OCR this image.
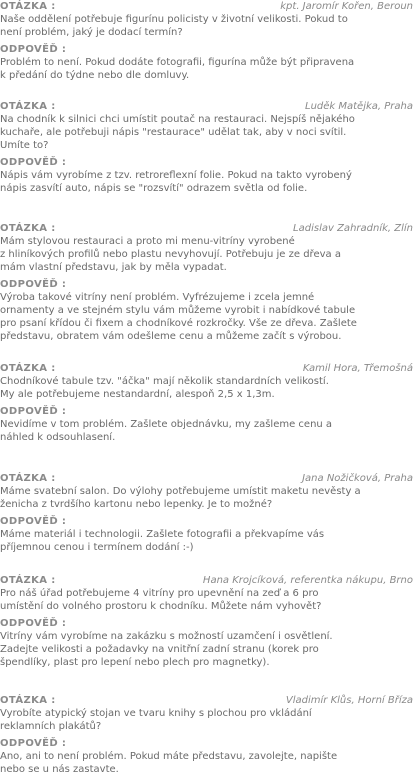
OTÁZKA :	kpt. Jaromír Kořen, Beroun

Naše oddělení potřebuje figurínu policisty v životní velikosti. Pokud to
není problém, jaký je dodací termín?

ODPOVĚĎ :

Problém to není. Pokud dodáte fotografii, figurína může být připravena
k předání do týdne nebo dle domluvy.

OTÁZKA :	Luděk Matějka, Praha

Na chodník k silnici chci umístit poutač na restauraci. Nejspíš nějakého
kuchaře, ale potřebuji nápis "restaurace" udělat tak, aby v noci svítil.
Umíte to?

ODPOVĚĎ :

Nápis vám vyrobíme z tzv. retroreflexní folie. Pokud na takto vyrobený
nápis zasvítí auto, nápis se "rozsvítí" odrazem světla od folie.

OTÁZKA :	Ladislav Zahradník, Zlín

Mám stylovou restauraci a proto mi menu-vitríny vyrobené
z hliníkových profilů nebo plastu nevyhovují. Potřebuju je ze dřeva a
mám vlastní představu, jak by měla vypadat.

ODPOVĚĎ :

Výroba takové vitríny není problém. Vyfrézujeme i zcela jemné
ornamenty a ve stejném stylu vám můžeme vyrobit i nabídkové tabule
pro psaní křídou či fixem a chodníkové rozkročky. Vše ze dřeva. Zašlete
představu, obratem vám odešleme cenu a můžeme začít s výrobou.

OTÁZKA :	Kamil Hora, Třemošná

Chodníkové tabule tzv. "áčka" mají několik standardních velikostí.
My ale potřebujeme nestandardní, alespoň 2,5 x 1,3m.

ODPOVĚĎ :

Nevidíme v tom problém. Zašlete objednávku, my zašleme cenu a
náhled k odsouhlasení.

OTÁZKA :	Jana Nožičková, Praha

Máme svatební salon. Do výlohy potřebujeme umístit maketu nevěsty a
ženicha z tvrdšího kartonu nebo lepenky. Je to možné?

ODPOVĚĎ :

Máme materiál i technologii. Zašlete fotografii a překvapíme vás
příjemnou cenou i termínem dodání :-)

OTÁZKA :	Hana Krojcíková, referentka nákupu, Brno

Pro náš úřad potřebujeme 4 vitríny pro upevnění na zeď a 6 pro
umístění do volného prostoru k chodníku. Můžete nám vyhovět?

ODPOVĚĎ :

Vitríny vám vyrobíme na zakázku s možností uzamčení i osvětlení.
Zadejte velikosti a požadavky na vnitřní zadní stranu (korek pro
špendlíky, plast pro lepení nebo plech pro magnetky).

OTÁZKA :	Vladimír Klůs, Horní Bříza

Vyrobíte atypický stojan ve tvaru knihy s plochou pro vkládání
reklamních plakátů?

ODPOVĚĎ :

Ano, ani to není problém. Pokud máte představu, zavolejte, napište
nebo se u nás zastavte.
